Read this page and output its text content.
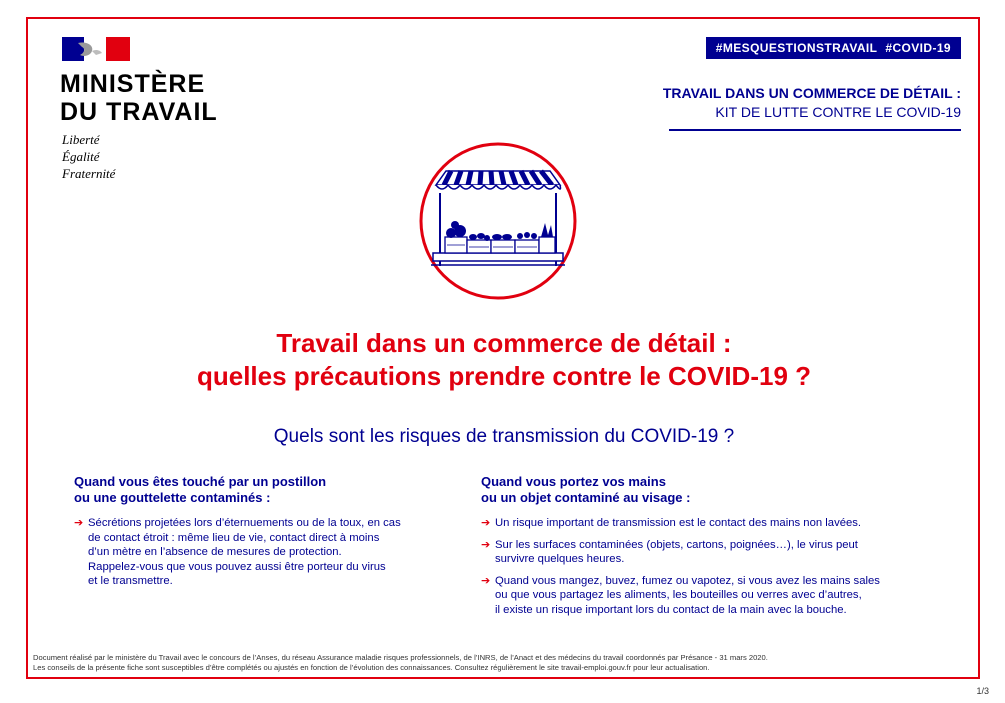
MINISTÈRE
DU TRAVAIL
Liberté
Égalité
Fraternité
#MESQUESTIONSTRAVAIL #COVID-19
TRAVAIL DANS UN COMMERCE DE DÉTAIL :
KIT DE LUTTE CONTRE LE COVID-19
Travail dans un commerce de détail :
quelles précautions prendre contre le COVID-19 ?
Quels sont les risques de transmission du COVID-19 ?
Quand vous êtes touché par un postillon
ou une gouttelette contaminés :
➔ Sécrétions projetées lors d’éternuements ou de la toux, en cas
de contact étroit : même lieu de vie, contact direct à moins
d’un mètre en l’absence de mesures de protection.
Rappelez-vous que vous pouvez aussi être porteur du virus
et le transmettre.
Quand vous portez vos mains
ou un objet contaminé au visage :
➔ Un risque important de transmission est le contact des mains non lavées.
➔ Sur les surfaces contaminées (objets, cartons, poignées…), le virus peut
survivre quelques heures.
➔ Quand vous mangez, buvez, fumez ou vapotez, si vous avez les mains sales
ou que vous partagez les aliments, les bouteilles ou verres avec d’autres,
il existe un risque important lors du contact de la main avec la bouche.
Document réalisé par le ministère du Travail avec le concours de l’Anses, du réseau Assurance maladie risques professionnels, de l’INRS, de l’Anact et des médecins du travail coordonnés par Présance - 31 mars 2020.
Les conseils de la présente fiche sont susceptibles d’être complétés ou ajustés en fonction de l’évolution des connaissances. Consultez régulièrement le site travail-emploi.gouv.fr pour leur actualisation.
1/3
